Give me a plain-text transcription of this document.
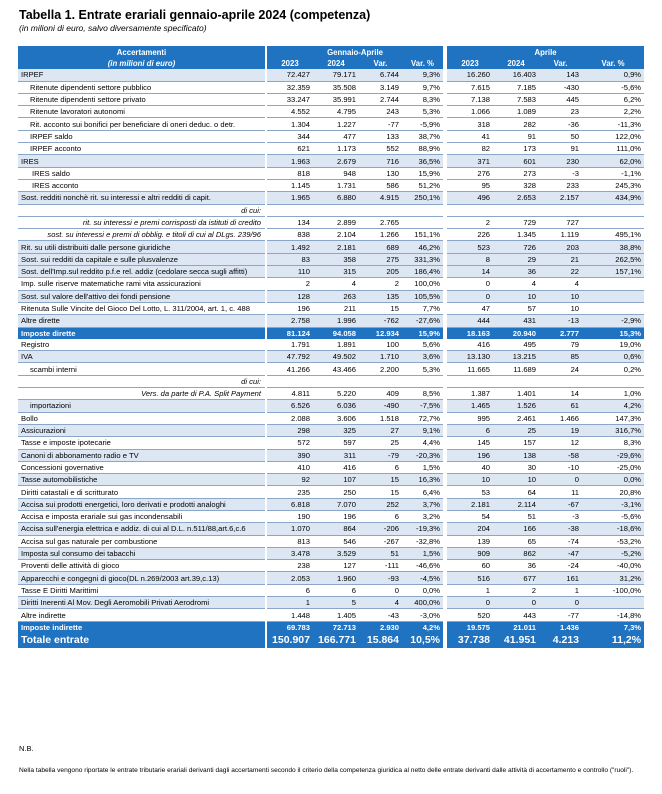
Tabella 1. Entrate erariali gennaio-aprile 2024 (competenza)
(in milioni di euro, salvo diversamente specificato)
Accertamenti		Gennaio-Aprile					Aprile			
(in milioni di euro)		2023	2024	Var.	Var. %		2023	2024	Var.	Var. %
IRPEF		72.427	79.171	6.744	9,3%		16.260	16.403	143	0,9%
Ritenute dipendenti settore pubblico		32.359	35.508	3.149	9,7%		7.615	7.185	-430	-5,6%
Ritenute dipendenti settore privato		33.247	35.991	2.744	8,3%		7.138	7.583	445	6,2%
Ritenute lavoratori autonomi		4.552	4.795	243	5,3%		1.066	1.089	23	2,2%
Rit. acconto sui bonifici per beneficiare di oneri deduc. o detr.		1.304	1.227	-77	-5,9%		318	282	-36	-11,3%
IRPEF saldo		344	477	133	38,7%		41	91	50	122,0%
IRPEF acconto		621	1.173	552	88,9%		82	173	91	111,0%
IRES		1.963	2.679	716	36,5%		371	601	230	62,0%
IRES saldo		818	948	130	15,9%		276	273	-3	-1,1%
IRES acconto		1.145	1.731	586	51,2%		95	328	233	245,3%
Sost. redditi nonchè rit. su interessi e altri redditi di capit.		1.965	6.880	4.915	250,1%		496	2.653	2.157	434,9%
di cui:										
rit. su interessi e premi corrisposti da istituti di credito		134	2.899	2.765			2	729	727	
sost. su interessi e premi di obblig. e titoli di cui al DLgs. 239/96		838	2.104	1.266	151,1%		226	1.345	1.119	495,1%
Rit. su utili distribuiti dalle persone giuridiche		1.492	2.181	689	46,2%		523	726	203	38,8%
Sost. sui redditi da capitale e sulle plusvalenze		83	358	275	331,3%		8	29	21	262,5%
Sost. dell'Imp.sul reddito p.f.e rel. addiz (cedolare secca sugli affitti)		110	315	205	186,4%		14	36	22	157,1%
Imp. sulle riserve matematiche rami vita assicurazioni		2	4	2	100,0%		0	4	4	
Sost. sul valore dell'attivo dei fondi pensione		128	263	135	105,5%		0	10	10	
Ritenuta Sulle Vincite del Gioco Del Lotto, L. 311/2004, art. 1, c. 488		196	211	15	7,7%		47	57	10	
Altre dirette		2.758	1.996	-762	-27,6%		444	431	-13	-2,9%
Imposte dirette		81.124	94.058	12.934	15,9%		18.163	20.940	2.777	15,3%
Registro		1.791	1.891	100	5,6%		416	495	79	19,0%
IVA		47.792	49.502	1.710	3,6%		13.130	13.215	85	0,6%
scambi interni		41.266	43.466	2.200	5,3%		11.665	11.689	24	0,2%
di cui:										
Vers. da parte di P.A. Split Payment		4.811	5.220	409	8,5%		1.387	1.401	14	1,0%
importazioni		6.526	6.036	-490	-7,5%		1.465	1.526	61	4,2%
Bollo		2.088	3.606	1.518	72,7%		995	2.461	1.466	147,3%
Assicurazioni		298	325	27	9,1%		6	25	19	316,7%
Tasse e imposte ipotecarie		572	597	25	4,4%		145	157	12	8,3%
Canoni di abbonamento radio e TV		390	311	-79	-20,3%		196	138	-58	-29,6%
Concessioni governative		410	416	6	1,5%		40	30	-10	-25,0%
Tasse automobilistiche		92	107	15	16,3%		10	10	0	0,0%
Diritti catastali e di scritturato		235	250	15	6,4%		53	64	11	20,8%
Accisa sui prodotti energetici, loro derivati e prodotti analoghi		6.818	7.070	252	3,7%		2.181	2.114	-67	-3,1%
Accisa e imposta erariale sui gas incondensabili		190	196	6	3,2%		54	51	-3	-5,6%
Accisa sull'energia elettrica e addiz. di cui al D.L. n.511/88,art.6,c.6		1.070	864	-206	-19,3%		204	166	-38	-18,6%
Accisa sul gas naturale per combustione		813	546	-267	-32,8%		139	65	-74	-53,2%
Imposta sul consumo dei tabacchi		3.478	3.529	51	1,5%		909	862	-47	-5,2%
Proventi delle attività di gioco		238	127	-111	-46,6%		60	36	-24	-40,0%
Apparecchi e congegni di gioco(DL n.269/2003 art.39,c.13)		2.053	1.960	-93	-4,5%		516	677	161	31,2%
Tasse E Diritti Marittimi		6	6	0	0,0%		1	2	1	-100,0%
Diritti Inerenti Al Mov. Degli Aeromobili Privati Aerodromi		1	5	4	400,0%		0	0	0	
Altre indirette		1.448	1.405	-43	-3,0%		520	443	-77	-14,8%
Imposte indirette		69.783	72.713	2.930	4,2%		19.575	21.011	1.436	7,3%
Totale entrate		150.907	166.771	15.864	10,5%		37.738	41.951	4.213	11,2%
N.B.
Nella tabella vengono riportate le entrate tributarie erariali derivanti dagli accertamenti secondo il criterio della competenza giuridica al netto delle entrate derivanti dalle attività di accertamento e controllo ("ruoli").
